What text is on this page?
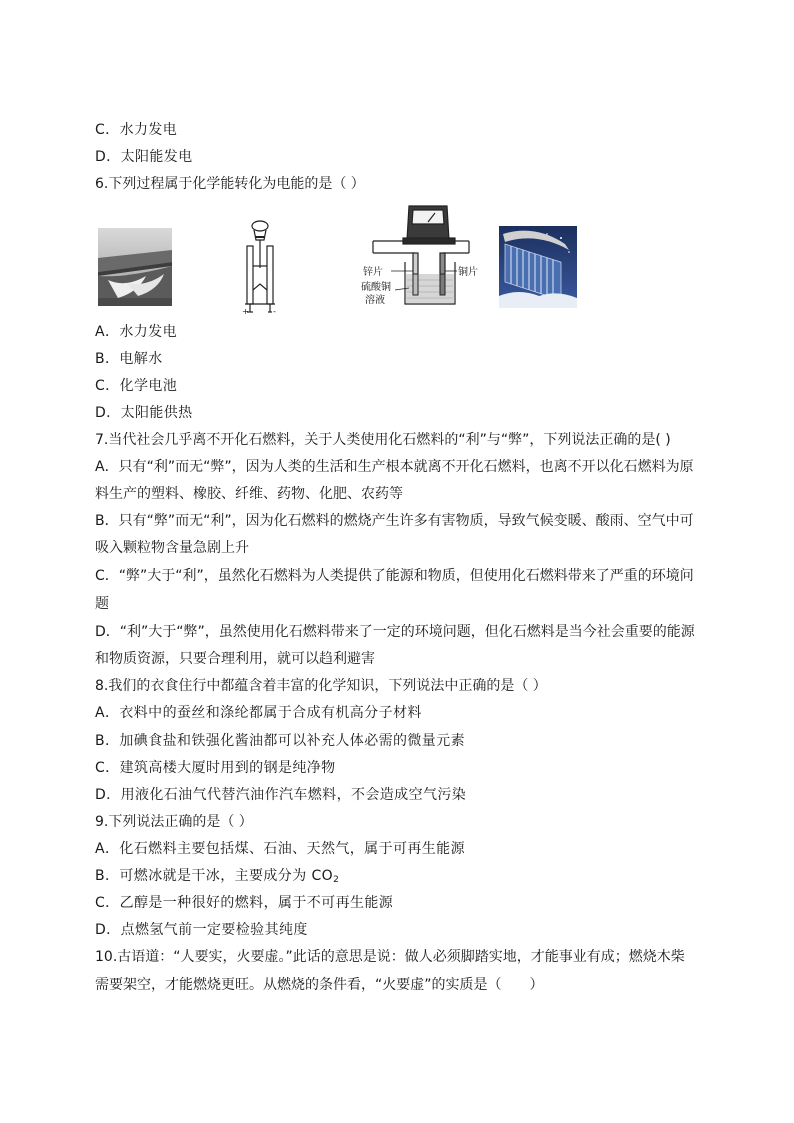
C．水力发电
D．太阳能发电
6.下列过程属于化学能转化为电能的是（ ）
+	-
锌片	铜片
硫酸铜
溶液
A．水力发电
B．电解水
C．化学电池
D．太阳能供热
7.当代社会几乎离不开化石燃料，关于人类使用化石燃料的“利”与“弊”，下列说法正确的是( )
A．只有“利”而无“弊”，因为人类的生活和生产根本就离不开化石燃料，也离不开以化石燃料为原
料生产的塑料、橡胶、纤维、药物、化肥、农药等
B．只有“弊”而无“利”，因为化石燃料的燃烧产生许多有害物质，导致气候变暖、酸雨、空气中可
吸入颗粒物含量急剧上升
C．“弊”大于“利”，虽然化石燃料为人类提供了能源和物质，但使用化石燃料带来了严重的环境问
题
D．“利”大于“弊”，虽然使用化石燃料带来了一定的环境问题，但化石燃料是当今社会重要的能源
和物质资源，只要合理利用，就可以趋利避害
8.我们的衣食住行中都蕴含着丰富的化学知识，下列说法中正确的是（ ）
A．衣料中的蚕丝和涤纶都属于合成有机高分子材料
B．加碘食盐和铁强化酱油都可以补充人体必需的微量元素
C．建筑高楼大厦时用到的钢是纯净物
D．用液化石油气代替汽油作汽车燃料，不会造成空气污染
9.下列说法正确的是（ ）
A．化石燃料主要包括煤、石油、天然气，属于可再生能源
B．可燃冰就是干冰，主要成分为 $CO_2$
C．乙醇是一种很好的燃料，属于不可再生能源
D．点燃氢气前一定要检验其纯度
10.古语道：“人要实，火要虚。”此话的意思是说：做人必须脚踏实地，才能事业有成；燃烧木柴
需要架空，才能燃烧更旺。从燃烧的条件看，“火要虚”的实质是（　　）
